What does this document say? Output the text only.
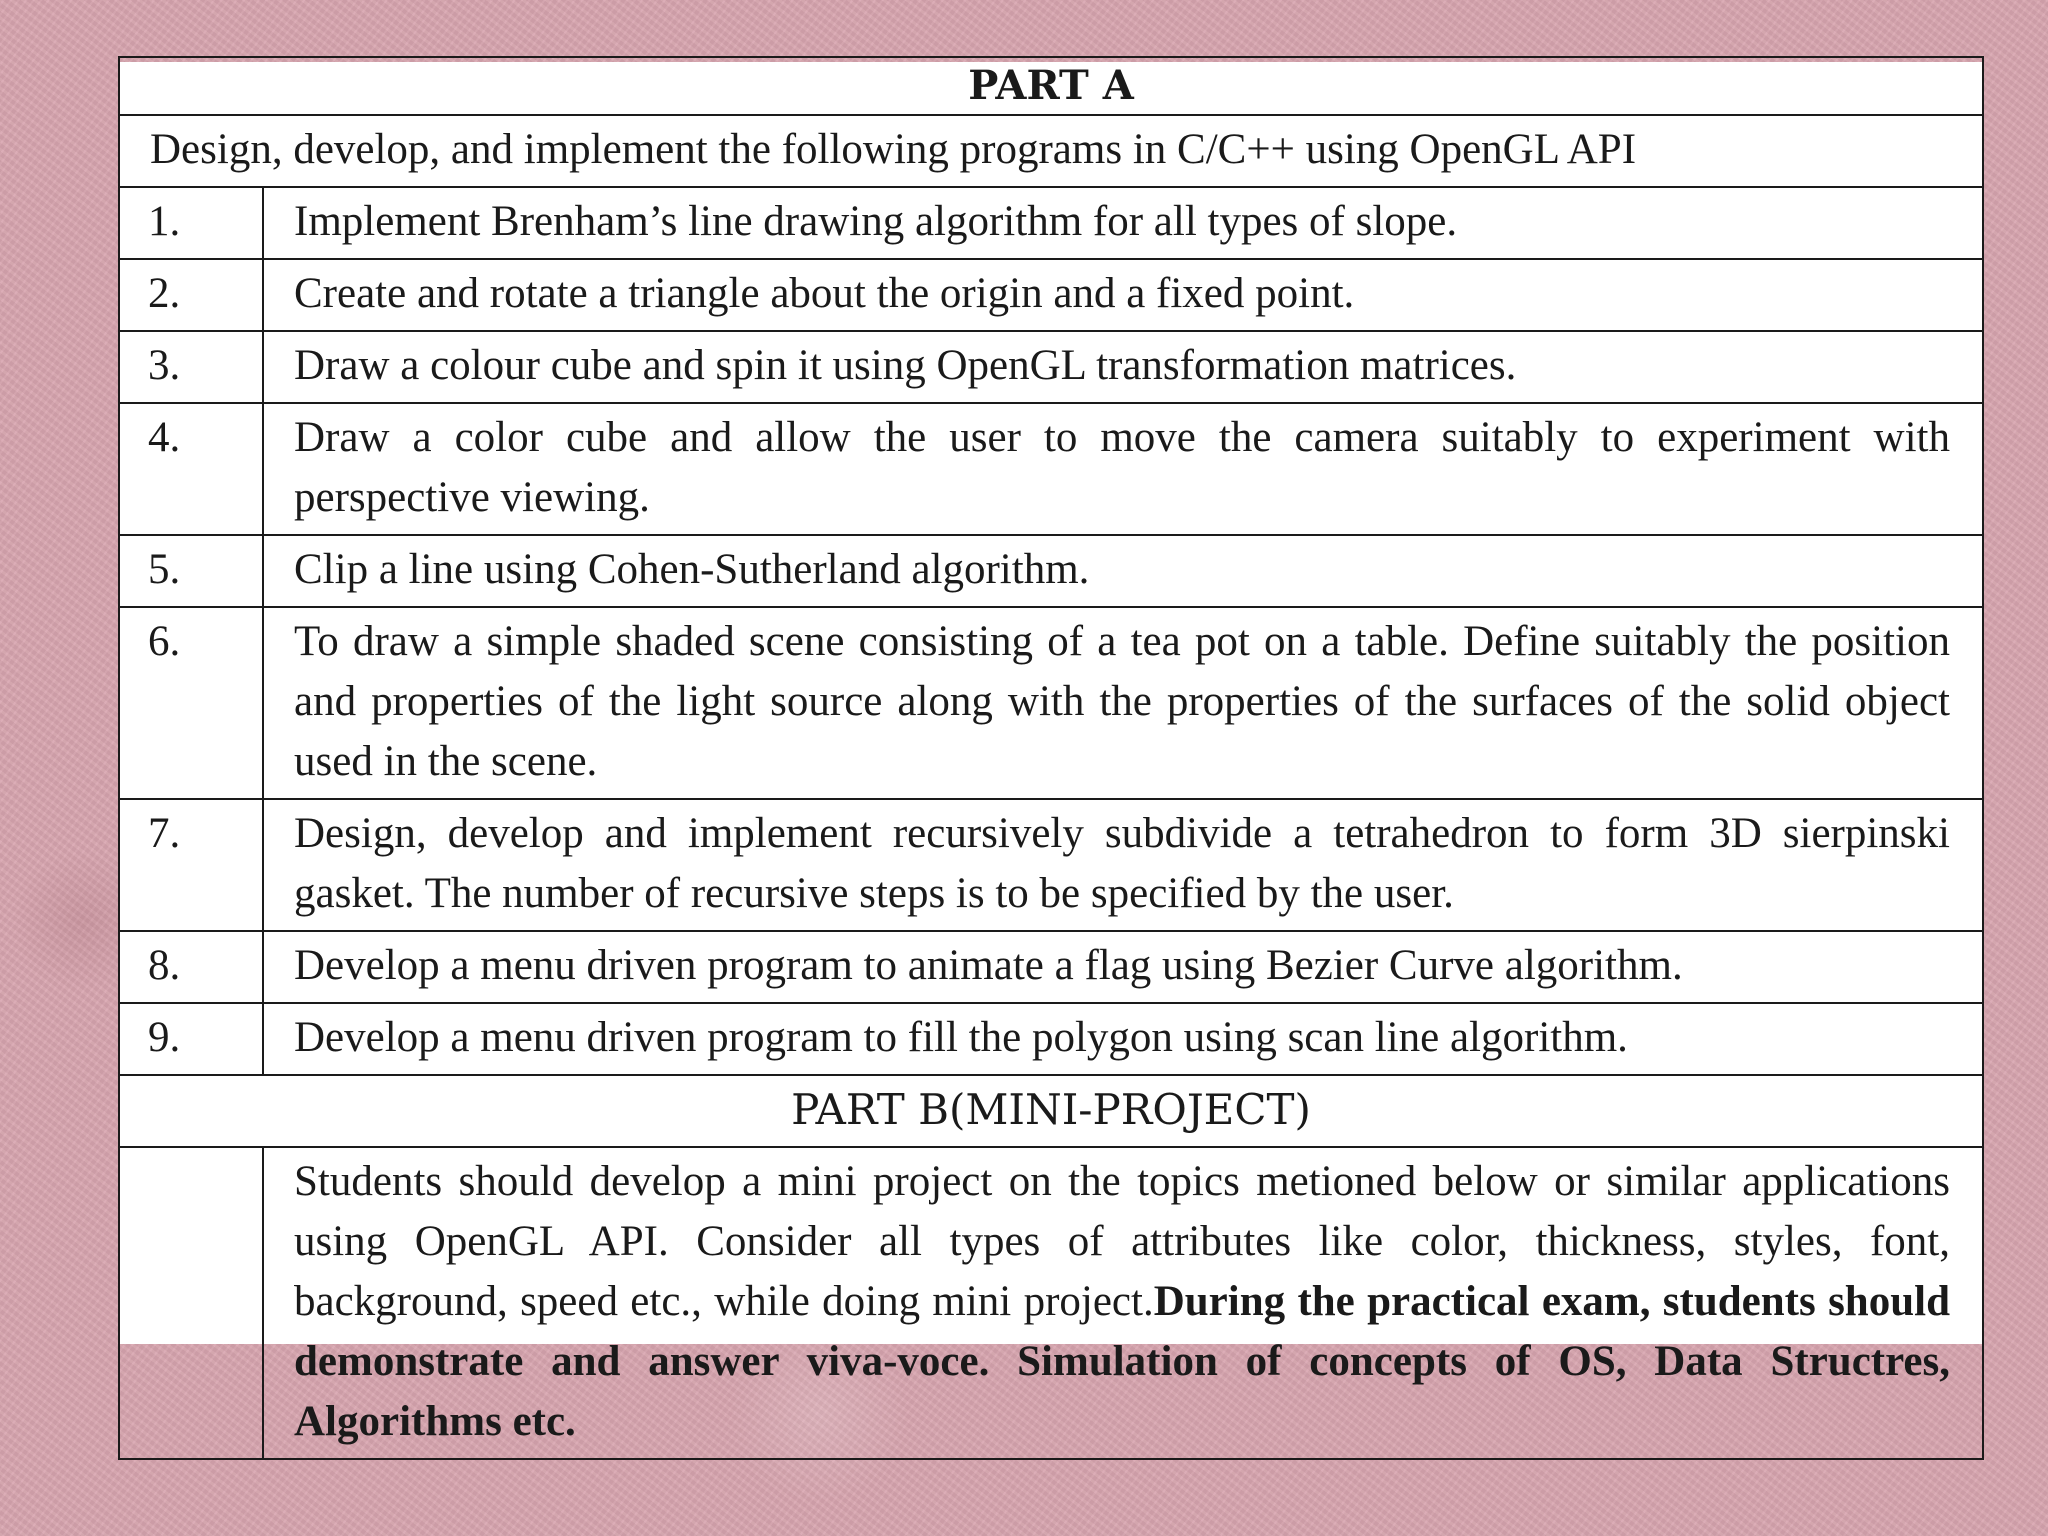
PART A	
Design, develop, and implement the following programs in C/C++ using OpenGL API	
1.	Implement Brenham’s line drawing algorithm for all types of slope.
2.	Create and rotate a triangle about the origin and a fixed point.
3.	Draw a colour cube and spin it using OpenGL transformation matrices.
4.	Draw a color cube and allow the user to move the camera suitably to experiment with perspective viewing.
5.	Clip a line using Cohen-Sutherland algorithm.
6.	To draw a simple shaded scene consisting of a tea pot on a table. Define suitably the position and properties of the light source along with the properties of the surfaces of the solid object used in the scene.
7.	Design, develop and implement recursively subdivide a tetrahedron to form 3D sierpinski gasket. The number of recursive steps is to be specified by the user.
8.	Develop a menu driven program to animate a flag using Bezier Curve algorithm.
9.	Develop a menu driven program to fill the polygon using scan line algorithm.
PART B(MINI-PROJECT)	
	Students should develop a mini project on the topics metioned below or similar applications using OpenGL API. Consider all types of attributes like color, thickness, styles, font, background, speed etc., while doing mini project.During the practical exam, students should demonstrate and answer viva-voce. Simulation of concepts of OS, Data Structres, Algorithms etc.
